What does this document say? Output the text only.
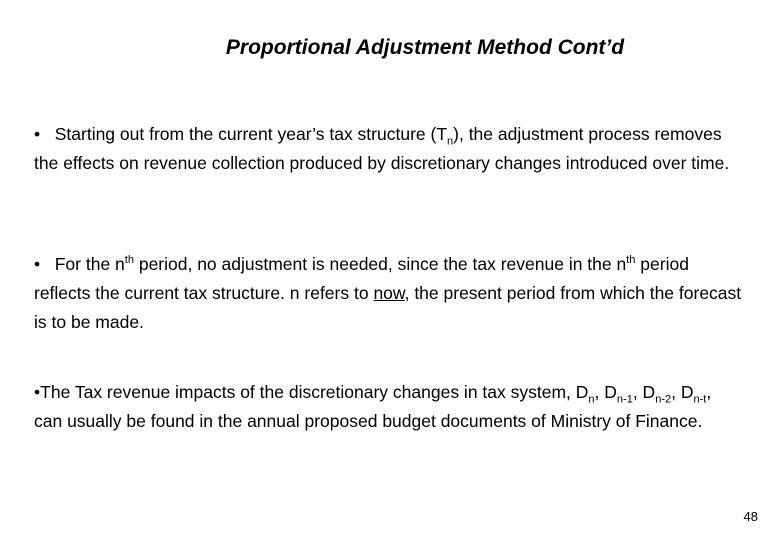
Proportional Adjustment Method Cont’d
• Starting out from the current year’s tax structure $(T_n)$, the adjustment process removes the effects on revenue collection produced by discretionary changes introduced over time.
• For the $n^{th}$ period, no adjustment is needed, since the tax revenue in the $n^{th}$ period reflects the current tax structure. n refers to now, the present period from which the forecast is to be made.
•The Tax revenue impacts of the discretionary changes in tax system, $D_n$, $D_{n-1}$, $D_{n-2}$, $D_{n-t}$, can usually be found in the annual proposed budget documents of Ministry of Finance.
48
